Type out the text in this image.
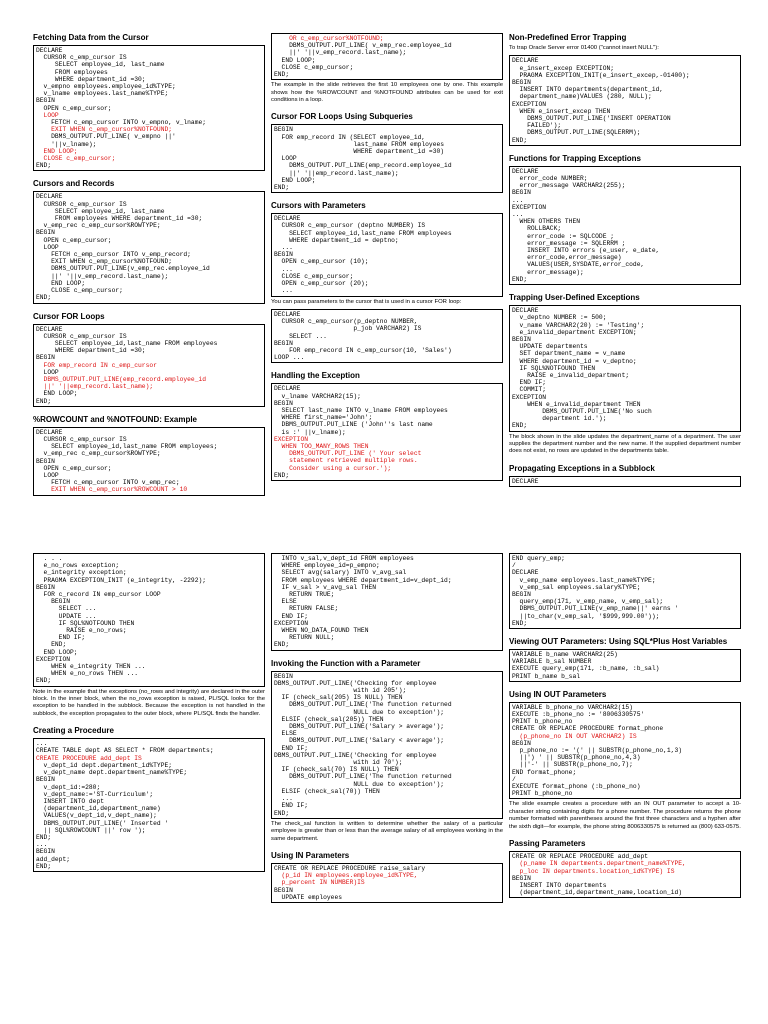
Fetching Data from the Cursor
DECLARE
CURSOR c_emp_cursor IS
SELECT employee_id, last_name
FROM employees
WHERE department_id =30;
v_empno employees.employee_id%TYPE;
v_lname employees.last_name%TYPE;
BEGIN
OPEN c_emp_cursor;
LOOP
FETCH c_emp_cursor INTO v_empno, v_lname;
EXIT WHEN c_emp_cursor%NOTFOUND;
DBMS_OUTPUT.PUT_LINE( v_empno ||'
'||v_lname);
END LOOP;
CLOSE c_emp_cursor;
END;
Cursors and Records
DECLARE
CURSOR c_emp_cursor IS
SELECT employee_id, last_name
FROM employees WHERE department_id =30;
v_emp_rec c_emp_cursor%ROWTYPE;
BEGIN
OPEN c_emp_cursor;
LOOP
FETCH c_emp_cursor INTO v_emp_record;
EXIT WHEN c_emp_cursor%NOTFOUND;
DBMS_OUTPUT.PUT_LINE(v_emp_rec.employee_id
||' '||v_emp_record.last_name);
END LOOP;
CLOSE c_emp_cursor;
END;
Cursor FOR Loops
DECLARE
CURSOR c_emp_cursor IS
SELECT employee_id,last_name FROM employees
WHERE department_id =30;
BEGIN
FOR emp_record IN c_emp_cursor
LOOP
DBMS_OUTPUT.PUT_LINE(emp_record.employee_id
||' '||emp_record.last_name);
END LOOP;
END;
%ROWCOUNT and %NOTFOUND: Example
DECLARE
CURSOR c_emp_cursor IS
SELECT employee_id,last_name FROM employees;
v_emp_rec c_emp_cursor%ROWTYPE;
BEGIN
OPEN c_emp_cursor;
LOOP
FETCH c_emp_cursor INTO v_emp_rec;
EXIT WHEN c_emp_cursor%ROWCOUNT > 10
OR c_emp_cursor%NOTFOUND;
DBMS_OUTPUT.PUT_LINE( v_emp_rec.employee_id
||' '||v_emp_record.last_name);
END LOOP;
CLOSE c_emp_cursor;
END;
The example in the slide retrieves the first 10 employees one by one. This example shows how the %ROWCOUNT and %NOTFOUND attributes can be used for exit conditions in a loop.
Cursor FOR Loops Using Subqueries
BEGIN
FOR emp_record IN (SELECT employee_id,
last_name FROM employees
WHERE department_id =30)
LOOP
DBMS_OUTPUT.PUT_LINE(emp_record.employee_id
||' '||emp_record.last_name);
END LOOP;
END;
Cursors with Parameters
DECLARE
CURSOR c_emp_cursor (deptno NUMBER) IS
SELECT employee_id,last_name FROM employees
WHERE department_id = deptno;
...
BEGIN
OPEN c_emp_cursor (10);
...
CLOSE c_emp_cursor;
OPEN c_emp_cursor (20);
...
You can pass parameters to the cursor that is used in a cursor FOR loop:
DECLARE
CURSOR c_emp_cursor(p_deptno NUMBER,
p_job VARCHAR2) IS
SELECT ...
BEGIN
FOR emp_record IN c_emp_cursor(10, 'Sales')
LOOP ...
Handling the Exception
DECLARE
v_lname VARCHAR2(15);
BEGIN
SELECT last_name INTO v_lname FROM employees
WHERE first_name='John';
DBMS_OUTPUT.PUT_LINE ('John''s last name
is :' ||v_lname);
EXCEPTION
WHEN TOO_MANY_ROWS THEN
DBMS_OUTPUT.PUT_LINE (' Your select
statement retrieved multiple rows.
Consider using a cursor.');
END;
Non-Predefined Error Trapping
To trap Oracle Server error 01400 ("cannot insert NULL"):
DECLARE
e_insert_excep EXCEPTION;
PRAGMA EXCEPTION_INIT(e_insert_excep,-01400);
BEGIN
INSERT INTO departments(department_id,
department_name)VALUES (280, NULL);
EXCEPTION
WHEN e_insert_excep THEN
DBMS_OUTPUT.PUT_LINE('INSERT OPERATION
FAILED');
DBMS_OUTPUT.PUT_LINE(SQLERRM);
END;
Functions for Trapping Exceptions
DECLARE
error_code NUMBER;
error_message VARCHAR2(255);
BEGIN
...
EXCEPTION
...
WHEN OTHERS THEN
ROLLBACK;
error_code := SQLCODE ;
error_message := SQLERRM ;
INSERT INTO errors (e_user, e_date,
error_code,error_message)
VALUES(USER,SYSDATE,error_code,
error_message);
END;
Trapping User-Defined Exceptions
DECLARE
v_deptno NUMBER := 500;
v_name VARCHAR2(20) := 'Testing';
e_invalid_department EXCEPTION;
BEGIN
UPDATE departments
SET department_name = v_name
WHERE department_id = v_deptno;
IF SQL%NOTFOUND THEN
RAISE e_invalid_department;
END IF;
COMMIT;
EXCEPTION
WHEN e_invalid_department THEN
DBMS_OUTPUT.PUT_LINE('No such
department id.');
END;
The block shown in the slide updates the department_name of a department. The user supplies the department number and the new name. If the supplied department number does not exist, no rows are updated in the departments table.
Propagating Exceptions in a Subblock
DECLARE
. . .
e_no_rows exception;
e_integrity exception;
PRAGMA EXCEPTION_INIT (e_integrity, -2292);
BEGIN
FOR c_record IN emp_cursor LOOP
BEGIN
SELECT ...
UPDATE ...
IF SQL%NOTFOUND THEN
RAISE e_no_rows;
END IF;
END;
END LOOP;
EXCEPTION
WHEN e_integrity THEN ...
WHEN e_no_rows THEN ...
END;
Note in the example that the exceptions (no_rows and integrity) are declared in the outer block. In the inner block, when the no_rows exception is raised, PL/SQL looks for the exception to be handled in the subblock. Because the exception is not handled in the subblock, the exception propagates to the outer block, where PL/SQL finds the handler.
Creating a Procedure
...
CREATE TABLE dept AS SELECT * FROM departments;
CREATE PROCEDURE add_dept IS
v_dept_id dept.department_id%TYPE;
v_dept_name dept.department_name%TYPE;
BEGIN
v_dept_id:=280;
v_dept_name:='ST-Curriculum';
INSERT INTO dept
(department_id,department_name)
VALUES(v_dept_id,v_dept_name);
DBMS_OUTPUT.PUT_LINE(' Inserted '
|| SQL%ROWCOUNT ||' row ');
END;
...
BEGIN
add_dept;
END;
INTO v_sal,v_dept_id FROM employees
WHERE employee_id=p_empno;
SELECT avg(salary) INTO v_avg_sal
FROM employees WHERE department_id=v_dept_id;
IF v_sal > v_avg_sal THEN
RETURN TRUE;
ELSE
RETURN FALSE;
END IF;
EXCEPTION
WHEN NO_DATA_FOUND THEN
RETURN NULL;
END;
Invoking the Function with a Parameter
BEGIN
DBMS_OUTPUT.PUT_LINE('Checking for employee
with id 205');
IF (check_sal(205) IS NULL) THEN
DBMS_OUTPUT.PUT_LINE('The function returned
NULL due to exception');
ELSIF (check_sal(205)) THEN
DBMS_OUTPUT.PUT_LINE('Salary > average');
ELSE
DBMS_OUTPUT.PUT_LINE('Salary < average');
END IF;
DBMS_OUTPUT.PUT_LINE('Checking for employee
with id 70');
IF (check_sal(70) IS NULL) THEN
DBMS_OUTPUT.PUT_LINE('The function returned
NULL due to exception');
ELSIF (check_sal(70)) THEN
...
END IF;
END;
The check_sal function is written to determine whether the salary of a particular employee is greater than or less than the average salary of all employees working in the same department.
Using IN Parameters
CREATE OR REPLACE PROCEDURE raise_salary
(p_id IN employees.employee_id%TYPE,
p_percent IN NUMBER)IS
BEGIN
UPDATE employees
END query_emp;
/
DECLARE
v_emp_name employees.last_name%TYPE;
v_emp_sal employees.salary%TYPE;
BEGIN
query_emp(171, v_emp_name, v_emp_sal);
DBMS_OUTPUT.PUT_LINE(v_emp_name||' earns '
||to_char(v_emp_sal, '$999,999.00'));
END;
Viewing OUT Parameters: Using SQL*Plus Host Variables
VARIABLE b_name VARCHAR2(25)
VARIABLE b_sal NUMBER
EXECUTE query_emp(171, :b_name, :b_sal)
PRINT b_name b_sal
Using IN OUT Parameters
VARIABLE b_phone_no VARCHAR2(15)
EXECUTE :b_phone_no := '8006330575'
PRINT b_phone_no
CREATE OR REPLACE PROCEDURE format_phone
(p_phone_no IN OUT VARCHAR2) IS
BEGIN
p_phone_no := '(' || SUBSTR(p_phone_no,1,3)
||') ' || SUBSTR(p_phone_no,4,3)
||'-' || SUBSTR(p_phone_no,7);
END format_phone;
/
EXECUTE format_phone (:b_phone_no)
PRINT b_phone_no
The slide example creates a procedure with an IN OUT parameter to accept a 10-character string containing digits for a phone number. The procedure returns the phone number formatted with parentheses around the first three characters and a hyphen after the sixth digit—for example, the phone string 8006330575 is returned as (800) 633-0575.
Passing Parameters
CREATE OR REPLACE PROCEDURE add_dept
(p_name IN departments.department_name%TYPE,
p_loc IN departments.location_id%TYPE) IS
BEGIN
INSERT INTO departments
(department_id,department_name,location_id)
